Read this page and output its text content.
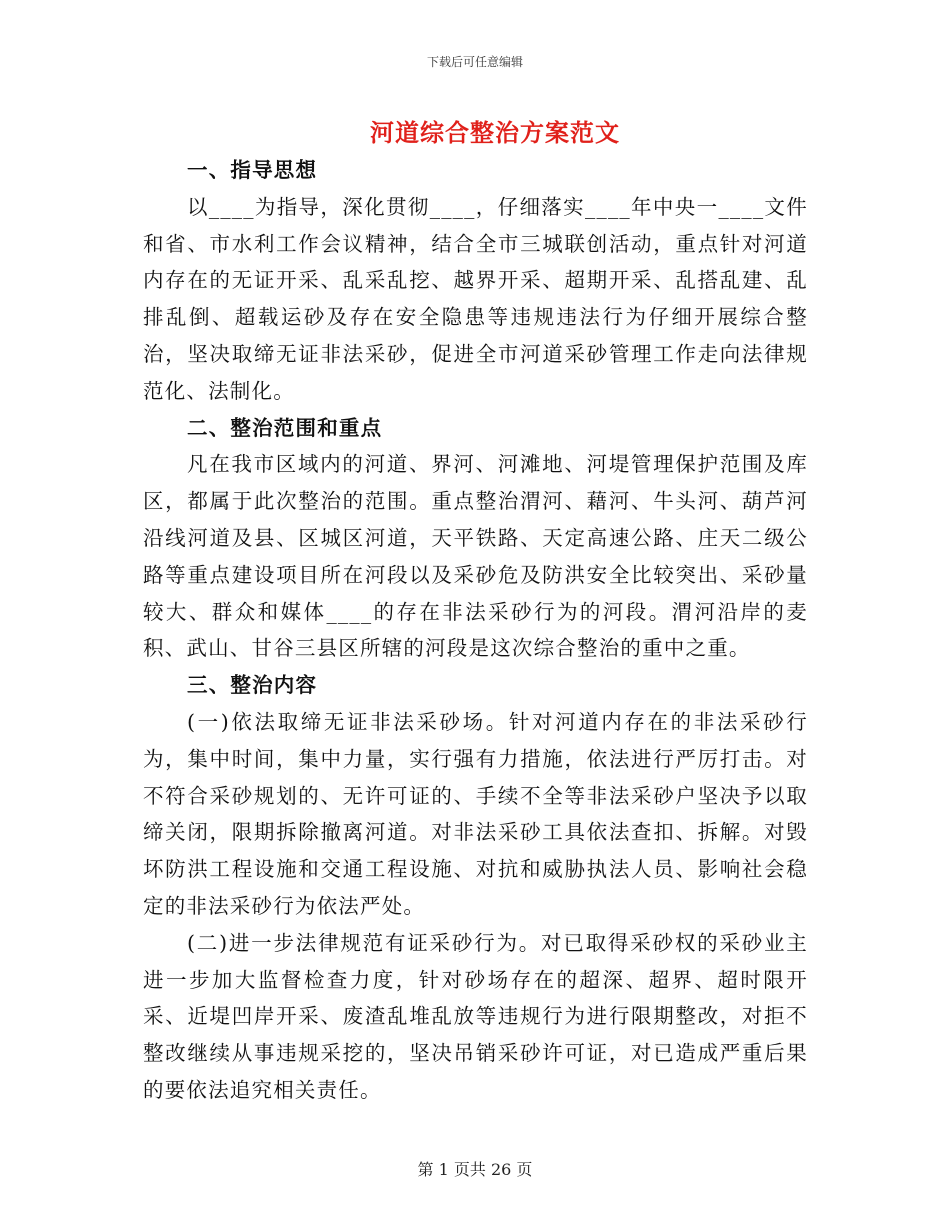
下载后可任意编辑
河道综合整治方案范文
一、指导思想

以____为指导，深化贯彻____，仔细落实____年中央一____文件和省、市水利工作会议精神，结合全市三城联创活动，重点针对河道内存在的无证开采、乱采乱挖、越界开采、超期开采、乱搭乱建、乱排乱倒、超载运砂及存在安全隐患等违规违法行为仔细开展综合整治，坚决取缔无证非法采砂，促进全市河道采砂管理工作走向法律规范化、法制化。

二、整治范围和重点

凡在我市区域内的河道、界河、河滩地、河堤管理保护范围及库区，都属于此次整治的范围。重点整治渭河、藉河、牛头河、葫芦河沿线河道及县、区城区河道，天平铁路、天定高速公路、庄天二级公路等重点建设项目所在河段以及采砂危及防洪安全比较突出、采砂量较大、群众和媒体____的存在非法采砂行为的河段。渭河沿岸的麦积、武山、甘谷三县区所辖的河段是这次综合整治的重中之重。

三、整治内容

(一)依法取缔无证非法采砂场。针对河道内存在的非法采砂行为，集中时间，集中力量，实行强有力措施，依法进行严厉打击。对不符合采砂规划的、无许可证的、手续不全等非法采砂户坚决予以取缔关闭，限期拆除撤离河道。对非法采砂工具依法查扣、拆解。对毁坏防洪工程设施和交通工程设施、对抗和威胁执法人员、影响社会稳定的非法采砂行为依法严处。

(二)进一步法律规范有证采砂行为。对已取得采砂权的采砂业主进一步加大监督检查力度，针对砂场存在的超深、超界、超时限开采、近堤凹岸开采、废渣乱堆乱放等违规行为进行限期整改，对拒不整改继续从事违规采挖的，坚决吊销采砂许可证，对已造成严重后果的要依法追究相关责任。

第 1 页共 26 页
